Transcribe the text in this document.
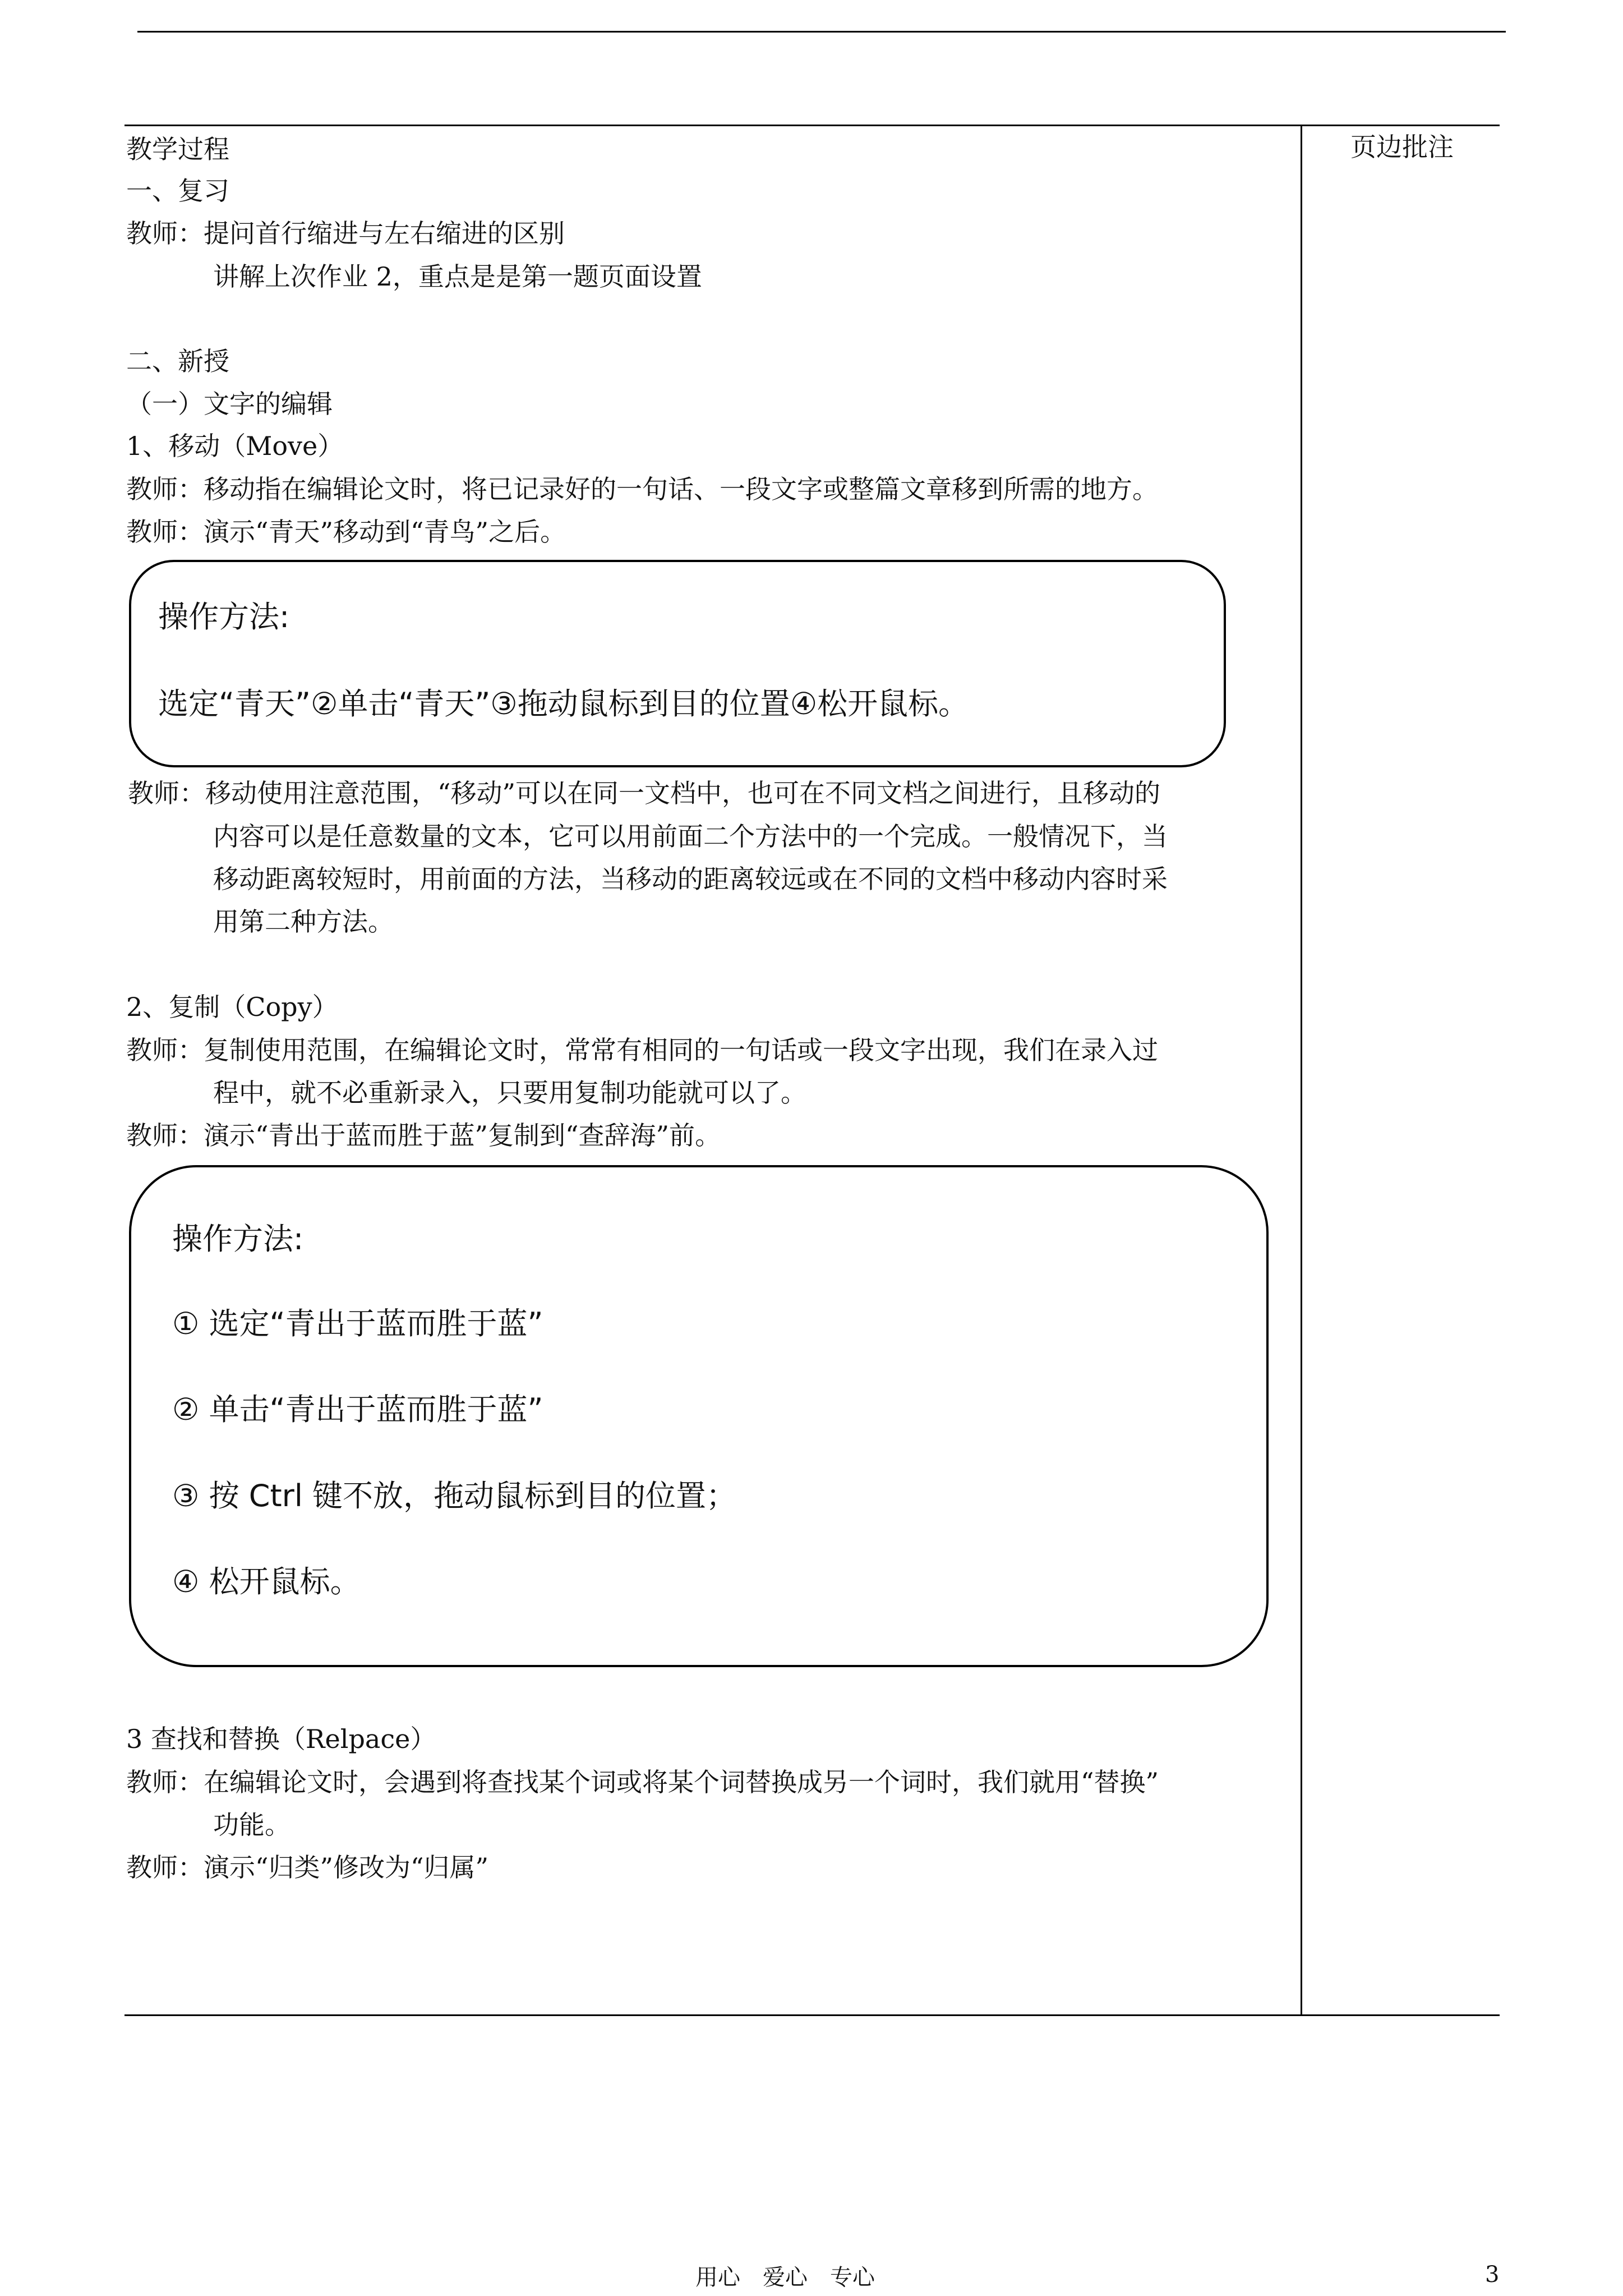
页边批注
教学过程
一、复习
教师：提问首行缩进与左右缩进的区别
讲解上次作业 2，重点是是第一题页面设置
二、新授
（一）文字的编辑
1、移动（Move）
教师：移动指在编辑论文时，将已记录好的一句话、一段文字或整篇文章移到所需的地方。
教师：演示“青天”移动到“青鸟”之后。
操作方法:
选定“青天”②单击“青天”③拖动鼠标到目的位置④松开鼠标。
教师：移动使用注意范围，“移动”可以在同一文档中，也可在不同文档之间进行，且移动的
内容可以是任意数量的文本，它可以用前面二个方法中的一个完成。一般情况下，当
移动距离较短时，用前面的方法，当移动的距离较远或在不同的文档中移动内容时采
用第二种方法。
2、复制（Copy）
教师：复制使用范围，在编辑论文时，常常有相同的一句话或一段文字出现，我们在录入过
程中，就不必重新录入，只要用复制功能就可以了。
教师：演示“青出于蓝而胜于蓝”复制到“查辞海”前。
操作方法:
① 选定“青出于蓝而胜于蓝”
② 单击“青出于蓝而胜于蓝”
③ 按 Ctrl 键不放，拖动鼠标到目的位置；
④ 松开鼠标。
3 查找和替换（Relpace）
教师：在编辑论文时，会遇到将查找某个词或将某个词替换成另一个词时，我们就用“替换”
功能。
教师：演示“归类”修改为“归属”
用心　爱心　专心	3
